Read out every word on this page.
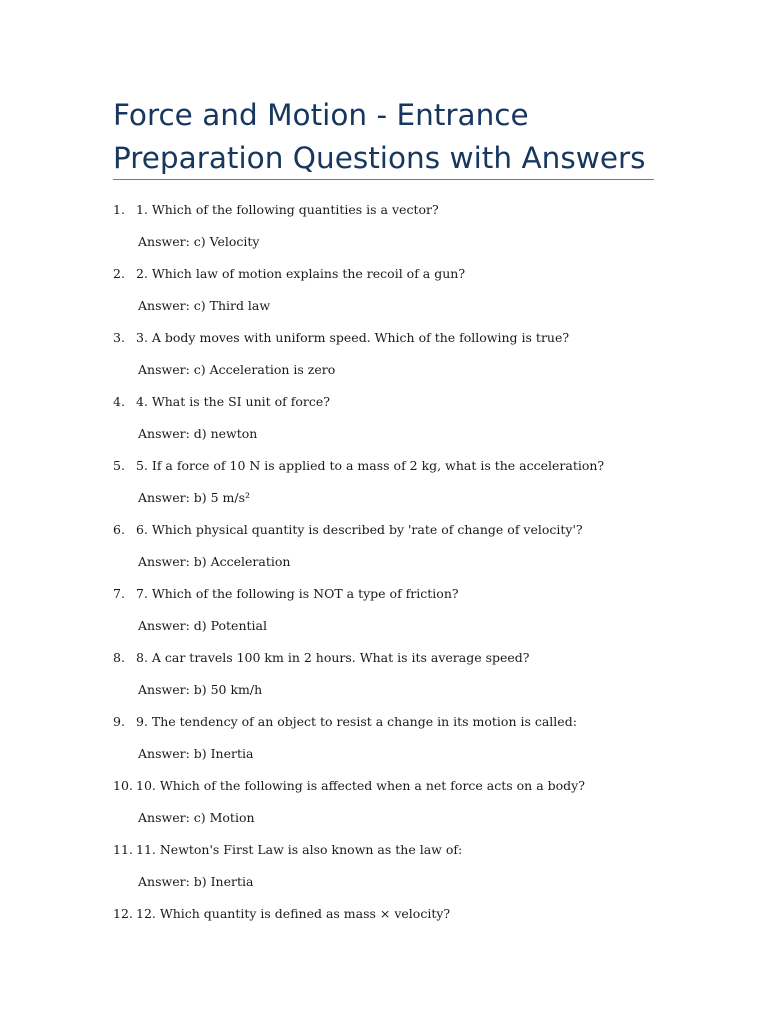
Force and Motion - Entrance Preparation Questions with Answers
1. 1. Which of the following quantities is a vector?
Answer: c) Velocity
2. 2. Which law of motion explains the recoil of a gun?
Answer: c) Third law
3. 3. A body moves with uniform speed. Which of the following is true?
Answer: c) Acceleration is zero
4. 4. What is the SI unit of force?
Answer: d) newton
5. 5. If a force of 10 N is applied to a mass of 2 kg, what is the acceleration?
Answer: b) 5 m/s²
6. 6. Which physical quantity is described by 'rate of change of velocity'?
Answer: b) Acceleration
7. 7. Which of the following is NOT a type of friction?
Answer: d) Potential
8. 8. A car travels 100 km in 2 hours. What is its average speed?
Answer: b) 50 km/h
9. 9. The tendency of an object to resist a change in its motion is called:
Answer: b) Inertia
10. 10. Which of the following is affected when a net force acts on a body?
Answer: c) Motion
11. 11. Newton's First Law is also known as the law of:
Answer: b) Inertia
12. 12. Which quantity is defined as mass × velocity?
